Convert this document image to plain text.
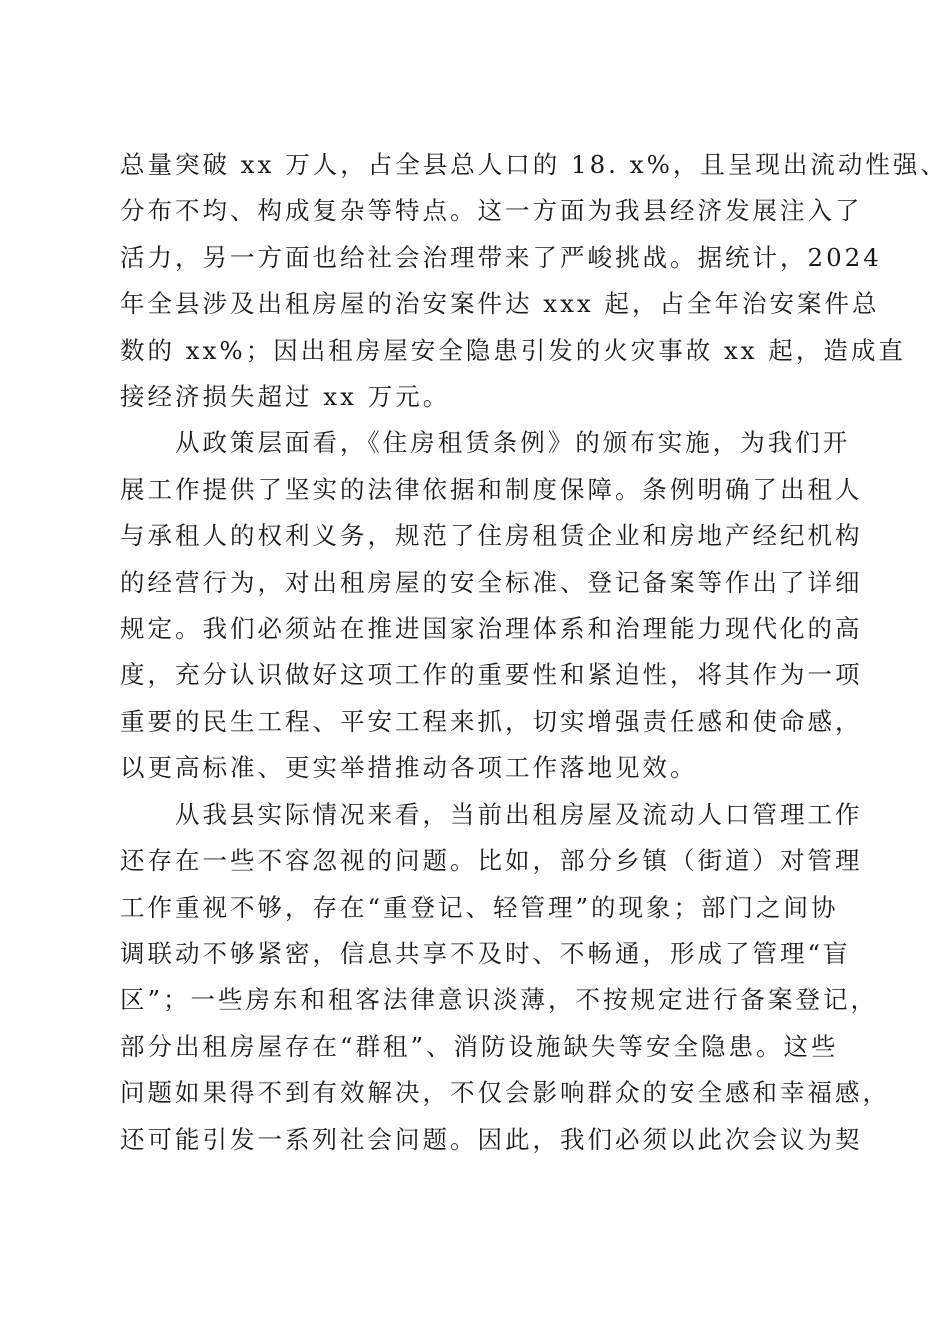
总量突破 xx 万人，占全县总人口的 18. x%，且呈现出流动性强、
分布不均、构成复杂等特点。这一方面为我县经济发展注入了
活力，另一方面也给社会治理带来了严峻挑战。据统计，2024
年全县涉及出租房屋的治安案件达 xxx 起，占全年治安案件总
数的 xx%；因出租房屋安全隐患引发的火灾事故 xx 起，造成直
接经济损失超过 xx 万元。

从政策层面看，《住房租赁条例》的颁布实施，为我们开
展工作提供了坚实的法律依据和制度保障。条例明确了出租人
与承租人的权利义务，规范了住房租赁企业和房地产经纪机构
的经营行为，对出租房屋的安全标准、登记备案等作出了详细
规定。我们必须站在推进国家治理体系和治理能力现代化的高
度，充分认识做好这项工作的重要性和紧迫性，将其作为一项
重要的民生工程、平安工程来抓，切实增强责任感和使命感，
以更高标准、更实举措推动各项工作落地见效。

从我县实际情况来看，当前出租房屋及流动人口管理工作
还存在一些不容忽视的问题。比如，部分乡镇（街道）对管理
工作重视不够，存在“重登记、轻管理”的现象；部门之间协
调联动不够紧密，信息共享不及时、不畅通，形成了管理“盲
区”；一些房东和租客法律意识淡薄，不按规定进行备案登记，
部分出租房屋存在“群租”、消防设施缺失等安全隐患。这些
问题如果得不到有效解决，不仅会影响群众的安全感和幸福感，
还可能引发一系列社会问题。因此，我们必须以此次会议为契
